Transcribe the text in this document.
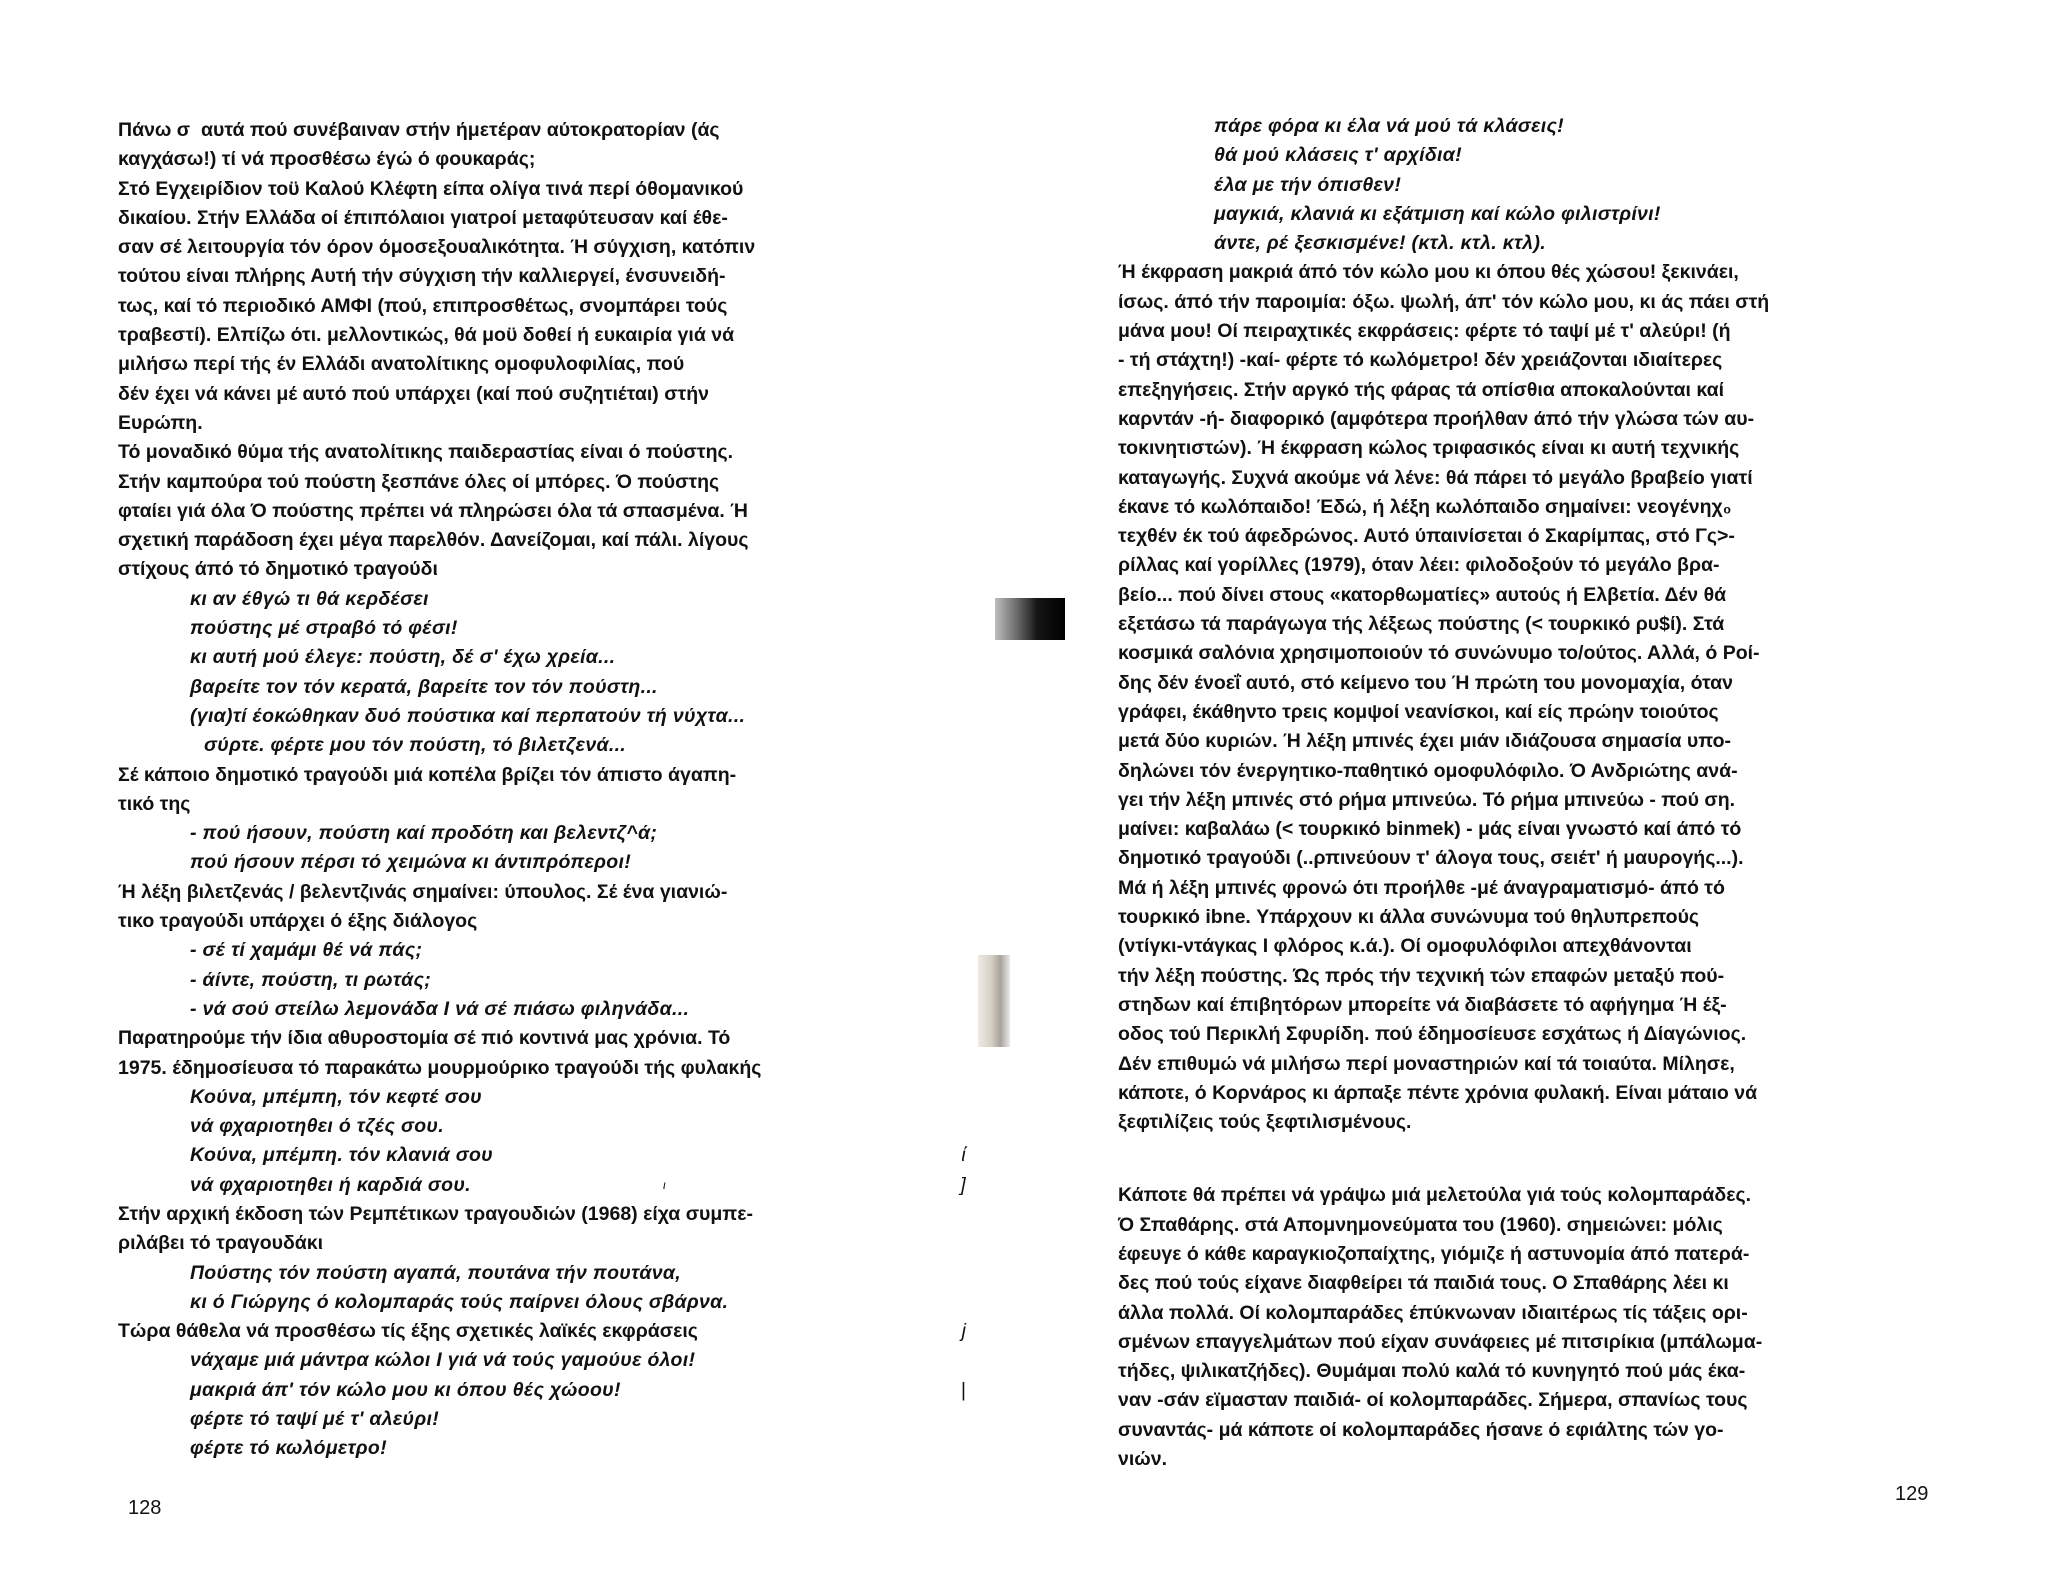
Πάνω σ  αυτά πού συνέβαιναν στήν ήμετέραν αύτοκρατορίαν (άς
καγχάσω!) τί νά προσθέσω έγώ ό φουκαράς;
Στό Εγχειρίδιον τοϋ Καλού Κλέφτη είπα ολίγα τινά περί όθομανικού
δικαίου. Στήν Ελλάδα οί έπιπόλαιοι γιατροί μεταφύτευσαν καί έθε-
σαν σέ λειτουργία τόν όρον όμοσεξουαλικότητα. Ή σύγχιση, κατόπιν
τούτου είναι πλήρης Αυτή τήν σύγχιση τήν καλλιεργεί, ένσυνειδή-
τως, καί τό περιοδικό ΑΜΦΙ (πού, επιπροσθέτως, σνομπάρει τούς
τραβεστί). Ελπίζω ότι. μελλοντικώς, θά μοϋ δοθεί ή ευκαιρία γιά νά
μιλήσω περί τής έν Ελλάδι ανατολίτικης ομοφυλοφιλίας, πού
δέν έχει νά κάνει μέ αυτό πού υπάρχει (καί πού συζητιέται) στήν
Ευρώπη.
Τό μοναδικό θύμα τής ανατολίτικης παιδεραστίας είναι ό πούστης.
Στήν καμπούρα τού πούστη ξεσπάνε όλες οί μπόρες. Ό πούστης
φταίει γιά όλα Ό πούστης πρέπει νά πληρώσει όλα τά σπασμένα. Ή
σχετική παράδοση έχει μέγα παρελθόν. Δανείζομαι, καί πάλι. λίγους
στίχους άπό τό δημοτικό τραγούδι
κι αν έθγώ τι θά κερδέσει
πούστης μέ στραβό τό φέσι!
κι αυτή μού έλεγε: πούστη, δέ σ' έχω χρεία...
βαρείτε τον τόν κερατά, βαρείτε τον τόν πούστη...
(για)τί έοκώθηκαν δυό πούστικα καί περπατούν τή νύχτα...
σύρτε. φέρτε μου τόν πούστη, τό βιλετζενά...
Σέ κάποιο δημοτικό τραγούδι μιά κοπέλα βρίζει τόν άπιστο άγαπη-
τικό της
- πού ήσουν, πούστη καί προδότη και βελεντζ^ά;
πού ήσουν πέρσι τό χειμώνα κι άντιπρόπεροι!
Ή λέξη βιλετζενάς / βελεντζινάς σημαίνει: ύπουλος. Σέ ένα γιανιώ-
τικο τραγούδι υπάρχει ό έξης διάλογος
- σέ τί χαμάμι θέ νά πάς;
- άίντε, πούστη, τι ρωτάς;
- νά σού στείλω λεμονάδα I νά σέ πιάσω φιληνάδα...
Παρατηρούμε τήν ίδια αθυροστομία σέ πιό κοντινά μας χρόνια. Τό
1975. έδημοσίευσα τό παρακάτω μουρμούρικο τραγούδι τής φυλακής
Κούνα, μπέμπη, τόν κεφτέ σου
νά φχαριοτηθει ό τζές σου.
Κούνα, μπέμπη. τόν κλανιά σου	ί
νά φχαριοτηθει ή καρδιά σου.	ι	]
Στήν αρχική έκδοση τών Ρεμπέτικων τραγουδιών (1968) είχα συμπε-
ριλάβει τό τραγουδάκι
Πούστης τόν πούστη αγαπά, πουτάνα τήν πουτάνα,
κι ό Γιώργης ό κολομπαράς τούς παίρνει όλους σβάρνα.
Τώρα θάθελα νά προσθέσω τίς έξης σχετικές λαϊκές εκφράσεις	j
νάχαμε μιά μάντρα κώλοι I γιά νά τούς γαμούυε όλοι!
μακριά άπ' τόν κώλο μου κι όπου θές χώοου!	|
φέρτε τό ταψί μέ τ' αλεύρι!
φέρτε τό κωλόμετρο!
128
πάρε φόρα κι έλα νά μού τά κλάσεις!
θά μού κλάσεις τ' αρχίδια!
έλα με τήν όπισθεν!
μαγκιά, κλανιά κι εξάτμιση καί κώλο φιλιστρίνι!
άντε, ρέ ξεσκισμένε! (κτλ. κτλ. κτλ).
Ή έκφραση μακριά άπό τόν κώλο μου κι όπου θές χώσου! ξεκινάει,
ίσως. άπό τήν παροιμία: όξω. ψωλή, άπ' τόν κώλο μου, κι άς πάει στή
μάνα μου! Οί πειραχτικές εκφράσεις: φέρτε τό ταψί μέ τ' αλεύρι! (ή
- τή στάχτη!) -καί- φέρτε τό κωλόμετρο! δέν χρειάζονται ιδιαίτερες
επεξηγήσεις. Στήν αργκό τής φάρας τά οπίσθια αποκαλούνται καί
καρντάν -ή- διαφορικό (αμφότερα προήλθαν άπό τήν γλώσα τών αυ-
τοκινητιστών). Ή έκφραση κώλος τριφασικός είναι κι αυτή τεχνικής
καταγωγής. Συχνά ακούμε νά λένε: θά πάρει τό μεγάλο βραβείο γιατί
έκανε τό κωλόπαιδο! Έδώ, ή λέξη κωλόπαιδο σημαίνει: νεογένηχ₀
τεχθέν έκ τού άφεδρώνος. Αυτό ύπαινίσεται ό Σκαρίμπας, στό Γς>-
ρίλλας καί γορίλλες (1979), όταν λέει: φιλοδοξούν τό μεγάλο βρα-
βείο... πού δίνει στους «κατορθωματίες» αυτούς ή Ελβετία. Δέν θά
εξετάσω τά παράγωγα τής λέξεως πούστης (< τουρκικό ρυ$ί). Στά
κοσμικά σαλόνια χρησιμοποιούν τό συνώνυμο το/ούτος. Αλλά, ό Ροί-
δης δέν ένοεΐ αυτό, στό κείμενο του Ή πρώτη του μονομαχία, όταν
γράφει, έκάθηντο τρεις κομψοί νεανίσκοι, καί είς πρώην τοιούτος
μετά δύο κυριών. Ή λέξη μπινές έχει μιάν ιδιάζουσα σημασία υπο-
δηλώνει τόν ένεργητικο-παθητικό ομοφυλόφιλο. Ό Ανδριώτης ανά-
γει τήν λέξη μπινές στό ρήμα μπινεύω. Τό ρήμα μπινεύω - πού ση.
μαίνει: καβαλάω (< τουρκικό binmek) - μάς είναι γνωστό καί άπό τό
δημοτικό τραγούδι (..ρπινεύουν τ' άλογα τους, σειέτ' ή μαυρογής...).
Μά ή λέξη μπινές φρονώ ότι προήλθε -μέ άναγραματισμό- άπό τό
τουρκικό ibne. Υπάρχουν κι άλλα συνώνυμα τού θηλυπρεπούς
(ντίγκι-ντάγκας I φλόρος κ.ά.). Οί ομοφυλόφιλοι απεχθάνονται
τήν λέξη πούστης. Ώς πρός τήν τεχνική τών επαφών μεταξύ πού-
στηδων καί έπιβητόρων μπορείτε νά διαβάσετε τό αφήγημα Ή έξ-
οδος τού Περικλή Σφυρίδη. πού έδημοσίευσε εσχάτως ή Δίαγώνιος.
Δέν επιθυμώ νά μιλήσω περί μοναστηριών καί τά τοιαύτα. Μίλησε,
κάποτε, ό Κορνάρος κι άρπαξε πέντε χρόνια φυλακή. Είναι μάταιο νά
ξεφτιλίζεις τούς ξεφτιλισμένους.
Κάποτε θά πρέπει νά γράψω μιά μελετούλα γιά τούς κολομπαράδες.
Ό Σπαθάρης. στά Απομνημονεύματα του (1960). σημειώνει: μόλις
έφευγε ό κάθε καραγκιοζοπαίχτης, γιόμιζε ή αστυνομία άπό πατερά-
δες πού τούς είχανε διαφθείρει τά παιδιά τους. Ο Σπαθάρης λέει κι
άλλα πολλά. Οί κολομπαράδες έπύκνωναν ιδιαιτέρως τίς τάξεις ορι-
σμένων επαγγελμάτων πού είχαν συνάφειες μέ πιτσιρίκια (μπάλωμα-
τήδες, ψιλικατζήδες). Θυμάμαι πολύ καλά τό κυνηγητό πού μάς έκα-
ναν -σάν εϊμασταν παιδιά- οί κολομπαράδες. Σήμερα, σπανίως τους
συναντάς- μά κάποτε οί κολομπαράδες ήσανε ό εφιάλτης τών γο-
νιών.
129
